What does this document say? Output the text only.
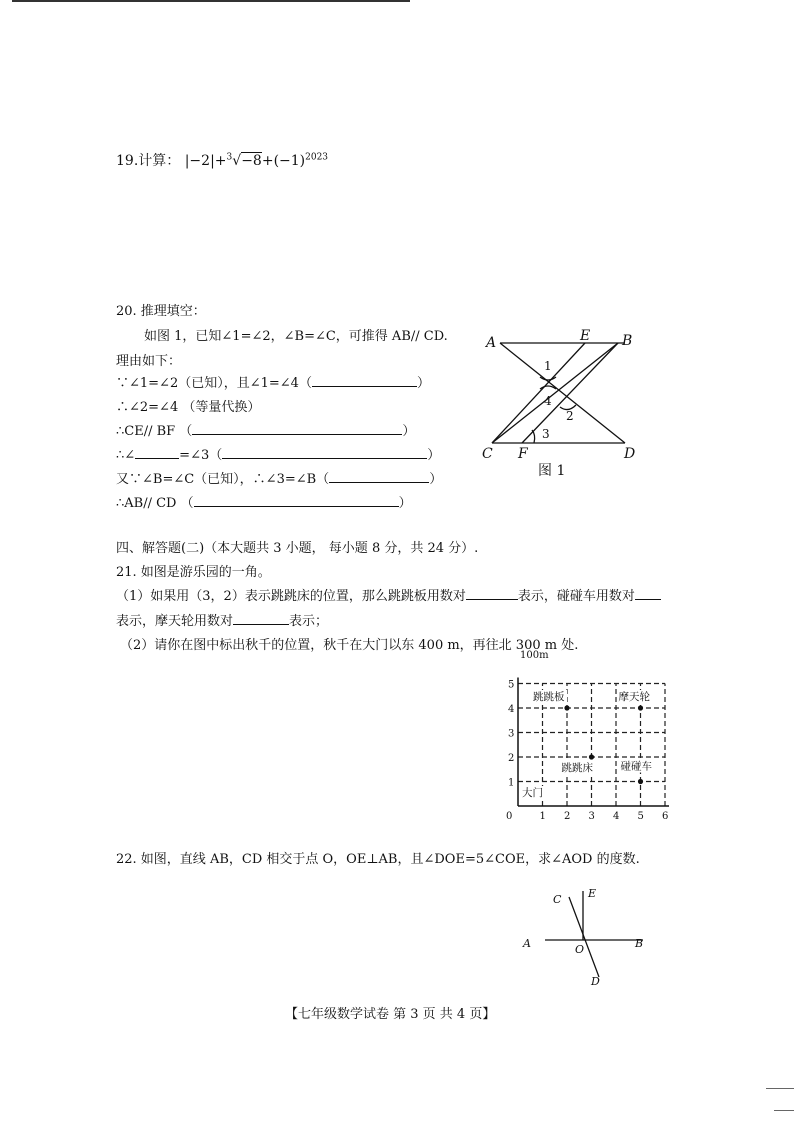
19.计算： $|-2|+^3√-8+(-1)^{2023}$
20. 推理填空：
如图 1，已知∠1=∠2，∠B=∠C，可推得 AB// CD.
理由如下：
∵∠1=∠2（已知），且∠1=∠4（	）
∴∠2=∠4 （等量代换）
∴CE// BF （	）
∴∠	=∠3（	）
又∵∠B=∠C（已知），∴∠3=∠B（	）
∴AB// CD （	）
A	E B
C F	D
1
4
2
3
图 1
四、解答题(二)（本大题共 3 小题， 每小题 8 分，共 24 分）.
21. 如图是游乐园的一角。
（1）如果用（3，2）表示跳跳床的位置，那么跳跳板用数对	表示，碰碰车用数对
表示，摩天轮用数对	表示；
（2）请你在图中标出秋千的位置，秋千在大门以东 400 m，再往北 300 m 处.
跳跳板	摩天轮
跳跳床	碰碰车
大门
0	1 2 3 4 5 6
1
2
3
4
5
100m
22. 如图，直线 AB，CD 相交于点 O，OE⊥AB，且∠DOE=5∠COE，求∠AOD 的度数.
A	B
C
D
E
O
【七年级数学试卷 第 3 页 共 4 页】
